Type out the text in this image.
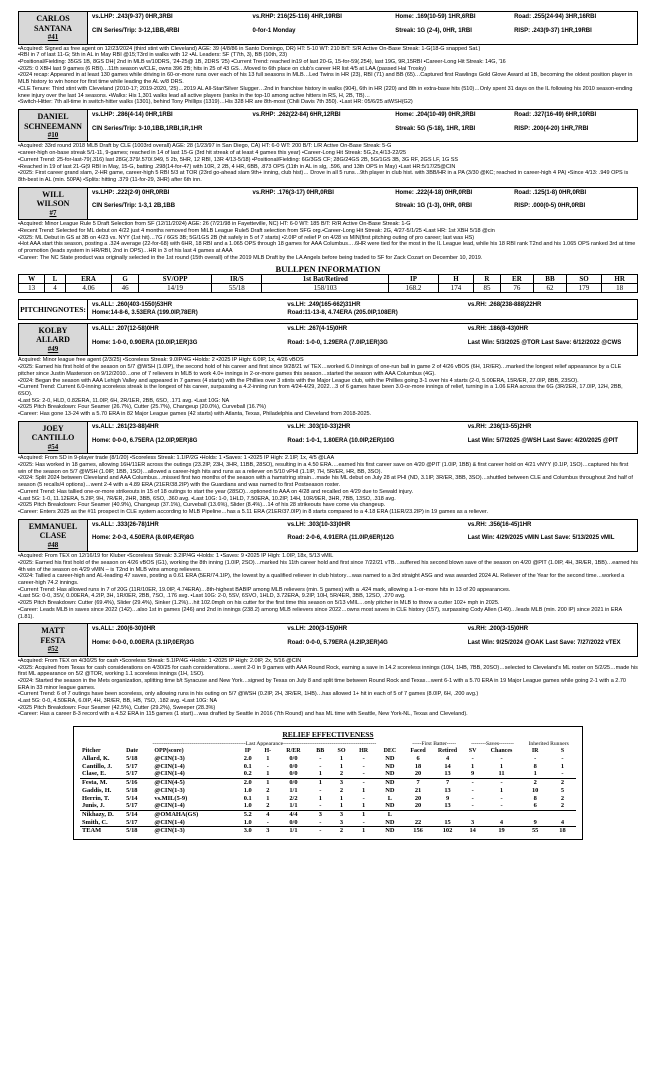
CARLOS
SANTANA
#41
vs.LHP: .243(9-37) 0HR,3RBI	vs.RHP: 216(25-116) 4HR,19RBI	Home: .169(10-59) 1HR,6RBI	Road: .255(24-94) 3HR,16RBI
CIN Series/Trip: 3-12,1BB,4RBI	0-for-1 Monday	Streak: 1G (2-4), 0HR, 1RBI	RISP: .243(9-37) 1HR,19RBI

•Acquired: Signed as free agent on 12/23/2024 (third stint with Cleveland) AGE: 39 (4/8/86 in Santo Domingo, DR) HT: 5-10 WT: 210 B/T: S/R Active On-Base Streak: 1-G(18-G snapped Sat.)

•RBI in 7 of last 11-G; 5th in AL in May RBI @15;T3rd in walks with 12 •AL Leaders: SF (T7th, 3), BB (10th, 23)

•Positional/Fielding: 35GS 1B, 8GS DH( 2nd in MLB w/10DRS, '24-25@ 1B, 2DRS '25) •Current Trend: reached in19 of last 20-G, 15-for-59(.254), last 19G, 9R,15RBI •Career-Long Hit Streak: 14G, '16

•2025: 0 XBH last 9 games (6 RBI)…11th season w/CLE, owns 396 2B; hits in 25 of 43 GS…Moved to 6th place on club's career HR list 4/5 at LAA (passed Hal Trosky)

•2024 recap: Appeared in at least 130 games while driving in 60-or-more runs over each of his 13 full seasons in MLB…Led Twins in HR (23), RBI (71) and BB (65)…Captured first Rawlings Gold Glove Award at 1B, becoming the oldest position player in MLB history to win honor for first time while leading the AL w/8 DRS.

•CLE Tenure: Third stint with Cleveland (2010-17; 2019-2020, '25)…2019 AL All-Star/Silver Slugger…2nd in franchise history in walks (904), 6th in HR (220) and 8th in extra-base hits (510)…Only spent 31 days on the IL following his 2010 season-ending knee injury over the last 14 seasons. •Walks: His 1,301 walks lead all active players (ranks in the top-10 among active hitters in RS, H, 2B, TB)…

•Switch-Hitter: 7th all-time in switch-hitter walks (1301), behind Tony Phillips (1319)…His 328 HR are 8th-most (Chili Davis 7th 350). •Last HR: 05/6/25 atWSH(G2)

DANIEL
SCHNEEMANN
#10
vs.LHP: .286(4-14) 0HR,1RBI	vs.RHP: .262(22-84) 6HR,12RBI	Home: .204(10-49) 0HR,3RBI	Road: .327(16-49) 6HR,10RBI
CIN Series/Trip: 3-10,1BB,1RBI,1R,1HR	Streak: 5G (5-18), 1HR, 1RBI	RISP: .200(4-20) 1HR,7RBI

•Acquired: 33rd round 2018 MLB Draft by CLE (1003rd overall) AGE: 28 (1/23/97 in San Diego, CA) HT: 6-0 WT: 200 B/T: L/R Active On-Base Streak: 5-G

•career-high on-base streak 5/1-11, 9-games; reached in 14 of last 15-G (3rd hit streak of at least 4 games this year) •Career-Long Hit Streak: 5G,2x,4/13-22/25

•Current Trend: 25-for-last-79(.316) last 28G(.379/.570/.949, 5 2b, 5HR, 12 RBI, 13R 4/13-5/18) •Positional/Fielding: 6G/3GS CF; 28G/24GS 2B, 5G/1GS 3B, 3G RF, 2GS LF, 1G SS

•Reached in 19 of last 21-G(9 RBI in May, 15-G, batting .298(14-for-47) with 10R, 2 2B, 4 HR, 6BB, .873 OPS (11th in AL in slg, .596, and 13th OPS in May) •Last HR:5/17/25@CIN

•2025: First career grand slam, 2-HR game, career-high 5 RBI 5/3 at TOR (23rd go-ahead slam 9th+ inning, club hist)… Drove in all 5 runs…9th player in club hist. with 3BB/HR in a PA (3/30 @KC; reached in career-high 4 PA) •Since 4/13: .949 OPS is 8th-best in AL (min. 50PA) •Splits: hitting .379 (11-for-29, 3HR) after 6th inn.

WILL
WILSON
#7
vs.LHP: .222(2-9) 0HR,0RBI	vs.RHP: .176(3-17) 0HR,0RBI	Home: .222(4-18) 0HR,0RBI	Road: .125(1-8) 0HR,0RBI
CIN Series/Trip: 1-3,1 2B,1BB	Streak: 1G (1-3), 0HR, 0RBI	RISP: .000(0-5) 0HR,0RBI

•Acquired: Minor League Rule 5 Draft Selection from SF (12/11/2024) AGE: 26 (7/21/98 in Fayetteville, NC) HT: 6-0 WT: 185 B/T: R/R Active On-Base Streak: 1-G

•Recent Trend: Selected for ML debut on 4/22 just 4 months removed from MiLB League Rule5 Draft selection from SFG org.•Career-Long Hit Streak: 2G, 4/27-5/1/25 •Last HR: 1st XBH 5/18 @cin

•2025: ML Debut in GS at 3B on 4/23 vs. NYY (1st hit)…7G / 6GS 3B; 5G/1GS 2B (hit safely in 5 of 7 starts) •2.0IP of relief P on 4/28 vs MIN(first pitching outing of pro career; last was HS)

•Hot AAA start this season, posting a .324 average (22-for-68) with 6HR, 18 RBI and a 1.065 OPS through 18 games for AAA Columbus….6HR were tied for the most in the IL League lead, while his 18 RBI rank T2nd and his 1.065 OPS ranked 3rd at time of promotion (leads system in HR/RBI, 2nd in OPS)…HR in 3 of his last 4 games at AAA

•Career: The NC State product was originally selected in the 1st round (15th overall) of the 2019 MLB Draft by the LA Angels before being traded to SF for Zack Cozart on December 10, 2019.

BULLPEN INFORMATION
W	L	ERA	G	SV/OPP	IR/S	1st Bat/Retired	IP	H	R	ER	BB	SO	HR
13	4	4.06	46	14/19	55/18	158/103	168.2	174	85	76	62	179	18
PITCHING NOTES: vs.ALL: .260(403-1550)53HR	vs.LH: .249(165-662)31HR	vs.RH: .268(238-888)22HR
Home:14-8-6, 3.53ERA (199.0IP,78ER)	Road:11-13-8, 4.74ERA (205.0IP,108ER)
KOLBY
ALLARD
#49
vs.ALL: .207(12-58)0HR	vs.LH: .267(4-15)0HR	vs.RH: .186(8-43)0HR
Home: 1-0-0, 0.90ERA (10.0IP,1ER)3G	Road: 1-0-0, 1.29ERA (7.0IP,1ER)3G	Last Win: 5/3/2025 @TOR Last Save: 6/12/2022 @CWS

Acquired: Minor league free agent (2/3/25) •Scoreless Streak: 9.0IP/4G •Holds: 2 •2025 IP High: 6.0IP, 1x, 4/26 vBOS

•2025: Earned his first hold of the season on 5/7 @WSH (1.0IP), the second hold of his career and first since 9/28/21 w/ TEX…worked 6.0 innings of one-run ball in game 2 of 4/26 vBOS (6H, 1R/ER)…marked the longest relief appearance by a CLE pitcher since Justin Masterson on 9/12/2010…one of 7 relievers in MLB to work 4.0+ innings in 2-or-more games this season…started the season with AAA Columbus (4G).

•2024: Began the season with AAA Lehigh Valley and appeared in 7 games (4 starts) with the Phillies over 3 stints with the Major League club, with the Phillies going 3-1 over his 4 starts (2-0, 5.00ERA, 15R/ER, 27.0IP, 8BB, 23SO).

•Current Trend: Current 6.0-inning scoreless streak is the longest of his career, surpassing a 4.2-inning run from 4/24-4/29, 2022…3 of 6 games have been 3.0-or-more innings of relief, turning in a 1.06 ERA across the 6G (3R/2ER, 17.0IP, 12H, 2BB, 6SO).

•Last 5G: 2-0, HLD, 0.82ERA, 11.0IP, 6H, 2R/1ER, 2BB, 6SO, .171 avg. •Last 10G: NA

•2025 Pitch Breakdown: Four Seamer (26.7%), Cutter (25.7%), Changeup (20.0%), Curveball (16.7%)

•Career: Has gone 13-24 with a 5.70 ERA in 82 Major League games (42 starts) with Atlanta, Texas, Philadelphia and Cleveland from 2018-2025.

JOEY
CANTILLO
#54
vs.ALL: .261(23-88)4HR	vs.LH: .303(10-33)2HR	vs.RH: .236(13-55)2HR
Home: 0-0-0, 6.75ERA (12.0IP,9ER)8G	Road: 1-0-1, 1.80ERA (10.0IP,2ER)10G	Last Win: 5/7/2025 @WSH Last Save: 4/20/2025 @PIT

•Acquired: From SD in 9-player trade (8/1/20) •Scoreless Streak: 1.1IP/2G •Holds: 1 •Saves: 1 •2025 IP High: 2.1IP, 1x, 4/5 @LAA

•2025: Has worked in 18 games, allowing 16H/11ER across the outings (23.2IP, 23H, 3HR, 11BB, 28SO), resulting in a 4.50 ERA….earned his first career save on 4/20 @PIT (1.0IP, 1BB) & first career hold on 4/21 vNYY (0.1IP, 1SO)…captured his first win of the season on 5/7 @WSH (1.0IP, 1BB, 1SO)…allowed a career-high hits and runs as a reliever on 5/10 vPHI (1.1IP, 7H, 5R/ER, HR, BB, 3SO).

•2024: Split 2024 between Cleveland and AAA Columbus…missed first two months of the season with a hamstring strain…made his ML debut on July 28 at PHI (ND, 3.1IP, 3R/ER, 3BB, 3SO)…shuttled between CLE and Columbus throughout 2nd half of season (5 recalls/4 options)…went 2-4 with a 4.89 ERA (21ER/38.2IP) with the Guardians and was named to first Postseason roster.

•Current Trend: Has tallied one-or-more strikeouts in 15 of 18 outings to start the year (28SO)…optioned to AAA on 4/28 and recalled on 4/29 due to Sewald injury.

•Last 5G: 1-0, 11.12ERA, 5.2IP, 9H, 7R/ER, 2HR, 3BB, 6SO, .360 avg. •Last 10G: 1-0, 1HLD, 7.50ERA, 10.2IP, 14H, 10R/9ER, 3HR, 7BB, 13SO, .318 avg.

•2025 Pitch Breakdown: Four Seamer (40.9%), Changeup (37.1%), Curveball (13.6%), Slider (8.4%)…14 of his 28 strikeouts have come via changeup.

•Career: Enters 2025 as the #11 prospect in CLE system according to MLB Pipeline…has a 5.11 ERA (21ER/37.0IP) in 8 starts compared to a 4.18 ERA (11ER/23.2IP) in 19 games as a reliever.

EMMANUEL
CLASE
#48
vs.ALL: .333(26-78)1HR	vs.LH: .303(10-33)0HR	vs.RH: .356(16-45)1HR
Home: 2-0-3, 4.50ERA (8.0IP,4ER)8G	Road: 2-0-6, 4.91ERA (11.0IP,6ER)12G	Last Win: 4/29/2025 vMIN Last Save: 5/13/2025 vMIL

•Acquired: From TEX on 12/16/19 for Kluber •Scoreless Streak: 3.2IP/4G •Holds: 1 •Saves: 9 •2025 IP High: 1.0IP, 18x, 5/13 vMIL

•2025: Earned his first hold of the season on 4/26 vBOS (G1), working the 8th inning (1.0IP, 2SO)…marked his 11th career hold and first since 7/22/21 vTB…suffered his second blown save of the season on 4/20 @PIT (1.0IP, 4H, 3R/ER, 1BB)…earned his 4th win of the season on 4/29 vMIN – is T2nd in MLB wins among relievers.

•2024: Tallied a career-high and AL-leading 47 saves, posting a 0.61 ERA (5ER/74.1IP), the lowest by a qualified reliever in club history…was named to a 3rd straight ASG and was awarded 2024 AL Reliever of the Year for the second time…worked a career-high 74.2 innings.

•Current Trend: Has allowed runs in 7 of 20G (11R/10ER, 19.0IP, 4.74ERA)…8th-highest BABIP among MLB relievers (min. 5 games) with a .424 mark, allowing a 1-or-more hits in 13 of 20 appearances.

•Last 5G: 0-0, 3SV, 0.00ERA, 4.2IP, 3H, 1R/0ER, 2BB, 7SO, .176 avg. •Last 10G: 2-0, 5SV, 6SVO, 1HLD, 3.72ERA, 9.2IP, 10H, 5R/4ER, 3BB, 12SO, .270 avg.

•2025 Pitch Breakdown: Cutter (69.4%), Slider (29.4%), Sinker (1.2%)…hit 102.0mph on his cutter for the first time this season on 5/13 vMIL…only pitcher in MLB to throw a cutter 102+ mph in 2025.

•Career: Leads MLB in saves since 2022 (142)…also 1st in games (246) and 2nd in innings (238.2) among MLB relievers since 2022…owns most saves in CLE history (157), surpassing Cody Allen (149)…leads MLB (min. 200 IP) since 2021 in ERA (1.81).

MATT
FESTA
#52
vs.ALL: .200(6-30)0HR	vs.LH: .200(3-15)0HR	vs.RH: .200(3-15)0HR
Home: 0-0-0, 0.00ERA (3.1IP,0ER)3G	Road: 0-0-0, 5.79ERA (4.2IP,3ER)4G	Last Win: 9/25/2024 @OAK Last Save: 7/27/2022 vTEX

•Acquired: From TEX on 4/30/25 for cash •Scoreless Streak: 5.1IP/4G •Holds: 1 •2025 IP High: 2.0IP, 2x, 5/16 @CIN

•2025: Acquired from Texas for cash considerations on 4/30/25 for cash considerations…went 2-0 in 9 games with AAA Round Rock, earning a save in 14.2 scoreless innings (10H, 1HB, 7BB, 20SO)…selected to Cleveland's ML roster on 5/2/25…made his first ML appearance on 5/2 @TOR, working 1.1 scoreless innings (1H, 1SO).

•2024: Started the season in the Mets organization, splitting time b/t Syracuse and New York…signed by Texas on July 8 and split time between Round Rock and Texas…went 6-1 with a 5.70 ERA in 19 Major League games while going 2-1 with a 2.70 ERA in 33 minor league games.

•Current Trend: 6 of 7 outings have been scoreless, only allowing runs in his outing on 5/7 @WSH (0.2IP, 2H, 3R/ER, 1HB)…has allowed 1+ hit in each of 5 of 7 games (8.0IP, 6H, .200 avg.)

•Last 5G: 0-0, 4.50ERA, 6.0IP, 4H, 3R/ER, BB, HB, 7SO, .182 avg. •Last 10G: NA

•2025 Pitch Breakdown: Four Seamer (42.5%), Cutter (29.2%), Sweeper (28.3%)

•Career: Has a career 8-3 record with a 4.52 ERA in 115 games (1 start)…was drafted by Seattle in 2016 (7th Round) and has ML time with Seattle, New York-NL, Texas and Cleveland).

RELIEF EFFECTIVENESS
	--------------------------------------------------Last Appearance--------------------------------------------------									-----First Batter-----		--------Saves--------		Inherited Runners	
Pitcher	Date	OPP(score)	IP	H-	R/ER	BB	SO	HR	DEC	Faced	Retired	SV	Chances	IR	S
Allard, K.	5/18	@CIN(1-3)	2.0	1	0/0	-	1	-	ND	6	4	-	-	-	-
Cantillo, J.	5/17	@CIN(1-4)	0.1	-	0/0	-	1	-	ND	18	14	1	1	8	1
Clase, E.	5/17	@CIN(1-4)	0.2	1	0/0	1	2	-	ND	20	13	9	11	1	-
Festa, M.	5/16	@CIN(4-5)	2.0	1	0/0	1	3	-	ND	7	7	-	-	2	2
Gaddis, H.	5/18	@CIN(1-3)	1.0	2	1/1	-	2	1	ND	21	13	-	1	10	5
Herrin, T.	5/14	vs.MIL(5-9)	0.1	1	2/2	1	1	-	L	20	9	-	-	8	2
Junis, J.	5/17	@CIN(1-4)	1.0	2	1/1	-	1	1	ND	20	13	-	-	6	2
Nikhazy, D.	5/14	@OMAHA(GS)	5.2	4	4/4	3	3	1	L						
Smith, C.	5/17	@CIN(1-4)	1.0	-	0/0	-	3	-	ND	22	15	3	4	9	4
TEAM	5/18	@CIN(1-3)	3.0	3	1/1	-	2	1	ND	156	102	14	19	55	18
